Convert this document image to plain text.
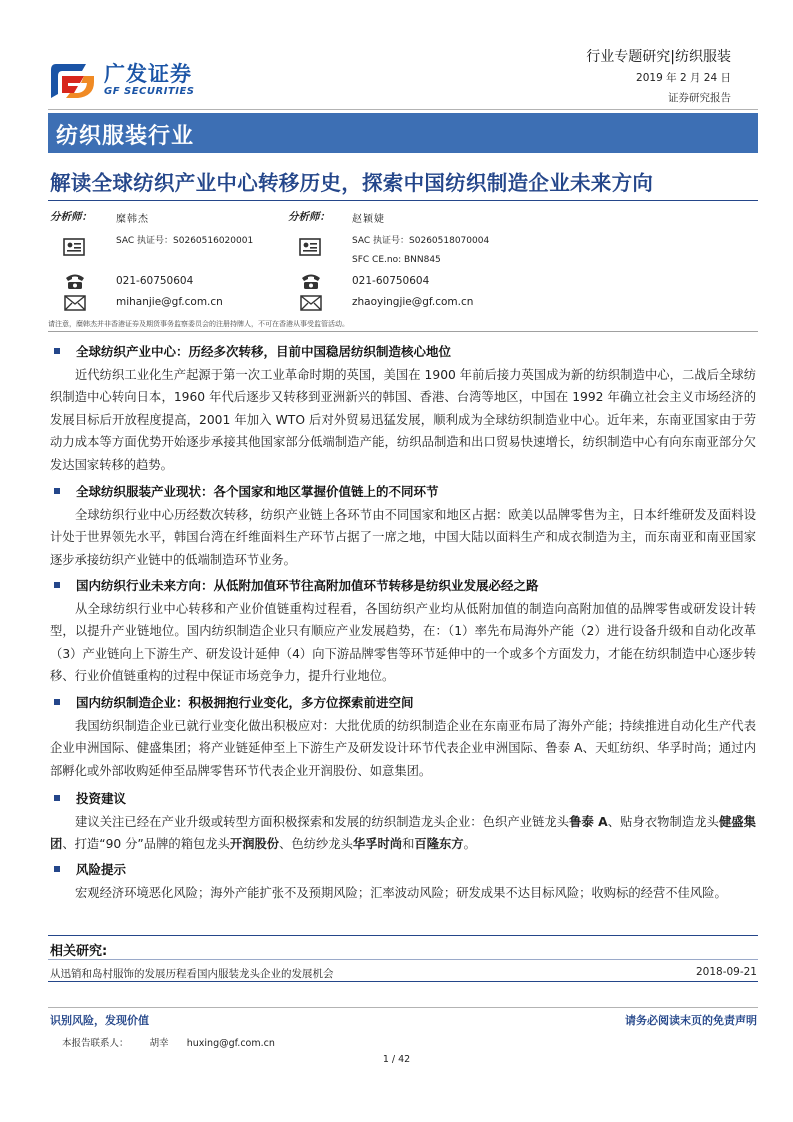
广发证券
GF SECURITIES
行业专题研究|纺织服装
2019 年 2 月 24 日
证券研究报告
纺织服装行业
解读全球纺织产业中心转移历史，探索中国纺织制造企业未来方向
分析师： 糜韩杰
SAC 执证号：S0260516020001
021-60750604
mihanjie@gf.com.cn
分析师： 赵颖婕
SAC 执证号：S0260518070004
SFC CE.no: BNN845
021-60750604
zhaoyingjie@gf.com.cn
请注意，糜韩杰并非香港证券及期货事务监察委员会的注册持牌人，不可在香港从事受监管活动。
全球纺织产业中心：历经多次转移，目前中国稳居纺织制造核心地位

近代纺织工业化生产起源于第一次工业革命时期的英国，美国在 1900 年前后接力英国成为新的纺织制造中心，二战后全球纺织制造中心转向日本，1960 年代后逐步又转移到亚洲新兴的韩国、香港、台湾等地区，中国在 1992 年确立社会主义市场经济的发展目标后开放程度提高，2001 年加入 WTO 后对外贸易迅猛发展，顺利成为全球纺织制造业中心。近年来，东南亚国家由于劳动力成本等方面优势开始逐步承接其他国家部分低端制造产能，纺织品制造和出口贸易快速增长，纺织制造中心有向东南亚部分欠发达国家转移的趋势。

全球纺织服装产业现状：各个国家和地区掌握价值链上的不同环节

全球纺织行业中心历经数次转移，纺织产业链上各环节由不同国家和地区占据：欧美以品牌零售为主，日本纤维研发及面料设计处于世界领先水平，韩国台湾在纤维面料生产环节占据了一席之地，中国大陆以面料生产和成衣制造为主，而东南亚和南亚国家逐步承接纺织产业链中的低端制造环节业务。

国内纺织行业未来方向：从低附加值环节往高附加值环节转移是纺织业发展必经之路

从全球纺织行业中心转移和产业价值链重构过程看，各国纺织产业均从低附加值的制造向高附加值的品牌零售或研发设计转型，以提升产业链地位。国内纺织制造企业只有顺应产业发展趋势，在：（1）率先布局海外产能（2）进行设备升级和自动化改革（3）产业链向上下游生产、研发设计延伸（4）向下游品牌零售等环节延伸中的一个或多个方面发力，才能在纺织制造中心逐步转移、行业价值链重构的过程中保证市场竞争力，提升行业地位。

国内纺织制造企业：积极拥抱行业变化，多方位探索前进空间

我国纺织制造企业已就行业变化做出积极应对：大批优质的纺织制造企业在东南亚布局了海外产能；持续推进自动化生产代表企业申洲国际、健盛集团；将产业链延伸至上下游生产及研发设计环节代表企业申洲国际、鲁泰 A、天虹纺织、华孚时尚；通过内部孵化或外部收购延伸至品牌零售环节代表企业开润股份、如意集团。

投资建议

建议关注已经在产业升级或转型方面积极探索和发展的纺织制造龙头企业：色织产业链龙头鲁泰 A、贴身衣物制造龙头健盛集团、打造“90 分”品牌的箱包龙头开润股份、色纺纱龙头华孚时尚和百隆东方。

风险提示

宏观经济环境恶化风险；海外产能扩张不及预期风险；汇率波动风险；研发成果不达目标风险；收购标的经营不佳风险。

相关研究:
从迅销和岛村服饰的发展历程看国内服装龙头企业的发展机会	2018-09-21
识别风险，发现价值	请务必阅读末页的免责声明
本报告联系人：       胡幸      huxing@gf.com.cn
1 / 42
